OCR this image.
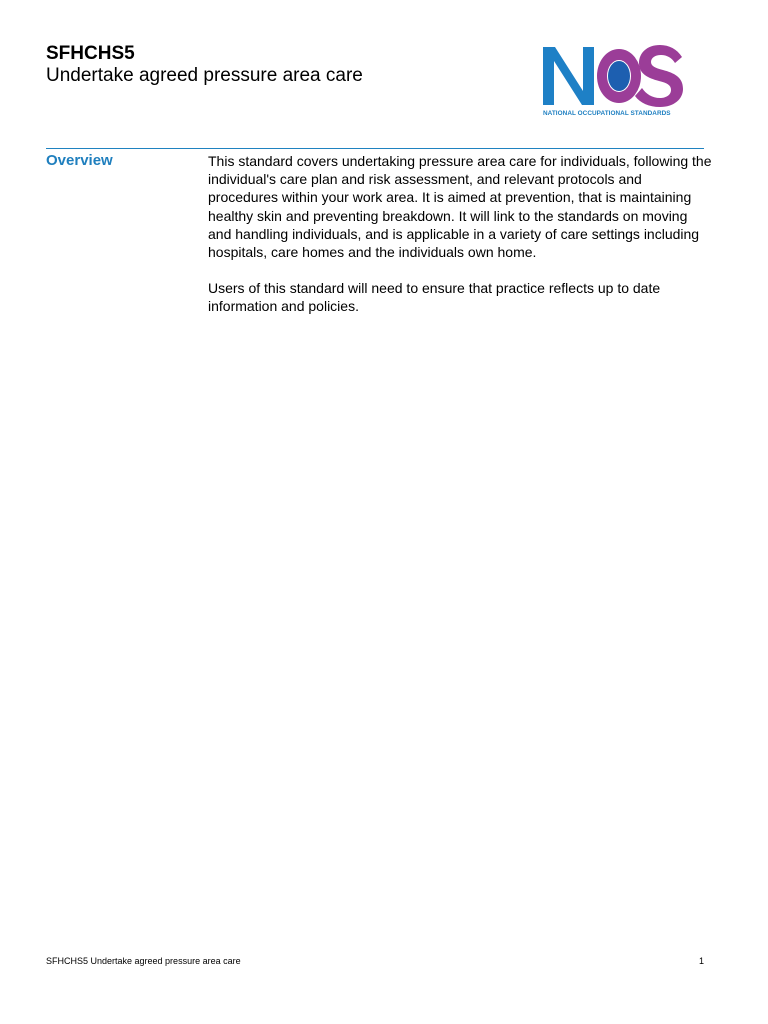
SFHCHS5
Undertake agreed pressure area care
NATIONAL OCCUPATIONAL STANDARDS
Overview	This standard covers undertaking pressure area care for individuals, following the individual's care plan and risk assessment, and relevant protocols and procedures within your work area. It is aimed at prevention, that is maintaining healthy skin and preventing breakdown. It will link to the standards on moving and handling individuals, and is applicable in a variety of care settings including hospitals, care homes and the individuals own home.

Users of this standard will need to ensure that practice reflects up to date information and policies.

SFHCHS5 Undertake agreed pressure area care	1
